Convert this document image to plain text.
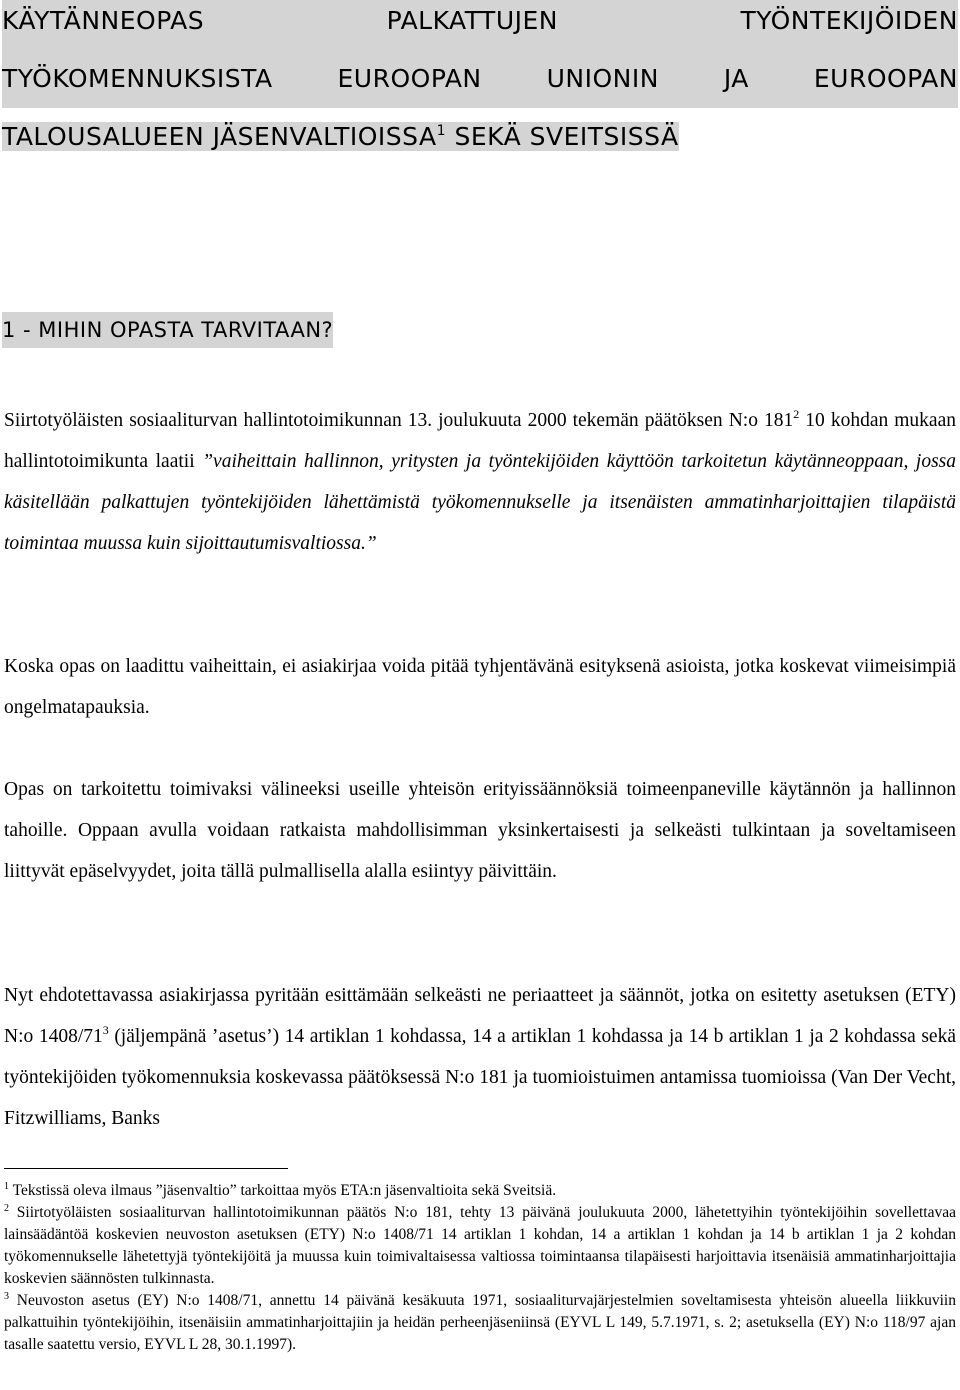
KÄYTÄNNEOPAS	PALKATTUJEN	TYÖNTEKIJÖIDEN
TYÖKOMENNUKSISTA	EUROOPAN	UNIONIN	JA	EUROOPAN
TALOUSALUEEN JÄSENVALTIOISSA$^1$ SEKÄ SVEITSISSÄ
1 - MIHIN OPASTA TARVITAAN?

Siirtotyöläisten sosiaaliturvan hallintotoimikunnan 13. joulukuuta 2000 tekemän päätöksen N:o $181^2$ 10 kohdan mukaan hallintotoimikunta laatii ”vaiheittain hallinnon, yritysten ja työntekijöiden käyttöön tarkoitetun käytänneoppaan, jossa käsitellään palkattujen työntekijöiden lähettämistä työkomennukselle ja itsenäisten ammatinharjoittajien tilapäistä toimintaa muussa kuin sijoittautumisvaltiossa.”

Koska opas on laadittu vaiheittain, ei asiakirjaa voida pitää tyhjentävänä esityksenä asioista, jotka koskevat viimeisimpiä ongelmatapauksia.

Opas on tarkoitettu toimivaksi välineeksi useille yhteisön erityissäännöksiä toimeenpaneville käytännön ja hallinnon tahoille. Oppaan avulla voidaan ratkaista mahdollisimman yksinkertaisesti ja selkeästi tulkintaan ja soveltamiseen liittyvät epäselvyydet, joita tällä pulmallisella alalla esiintyy päivittäin.

Nyt ehdotettavassa asiakirjassa pyritään esittämään selkeästi ne periaatteet ja säännöt, jotka on esitetty asetuksen (ETY) N:o $1408/71^3$ (jäljempänä ’asetus’) 14 artiklan 1 kohdassa, 14 a artiklan 1 kohdassa ja 14 b artiklan 1 ja 2 kohdassa sekä työntekijöiden työkomennuksia koskevassa päätöksessä N:o 181 ja tuomioistuimen antamissa tuomioissa (Van Der Vecht, Fitzwilliams, Banks

$^1$ Tekstissä oleva ilmaus ”jäsenvaltio” tarkoittaa myös ETA:n jäsenvaltioita sekä Sveitsiä.

$^2$ Siirtotyöläisten sosiaaliturvan hallintotoimikunnan päätös N:o 181, tehty 13 päivänä joulukuuta 2000, lähetettyihin työntekijöihin sovellettavaa lainsäädäntöä koskevien neuvoston asetuksen (ETY) N:o 1408/71 14 artiklan 1 kohdan, 14 a artiklan 1 kohdan ja 14 b artiklan 1 ja 2 kohdan työkomennukselle lähetettyjä työntekijöitä ja muussa kuin toimivaltaisessa valtiossa toimintaansa tilapäisesti harjoittavia itsenäisiä ammatinharjoittajia koskevien säännösten tulkinnasta.

$^3$ Neuvoston asetus (EY) N:o 1408/71, annettu 14 päivänä kesäkuuta 1971, sosiaaliturvajärjestelmien soveltamisesta yhteisön alueella liikkuviin palkattuihin työntekijöihin, itsenäisiin ammatinharjoittajiin ja heidän perheenjäseniinsä (EYVL L 149, 5.7.1971, s. 2; asetuksella (EY) N:o 118/97 ajan tasalle saatettu versio, EYVL L 28, 30.1.1997).
